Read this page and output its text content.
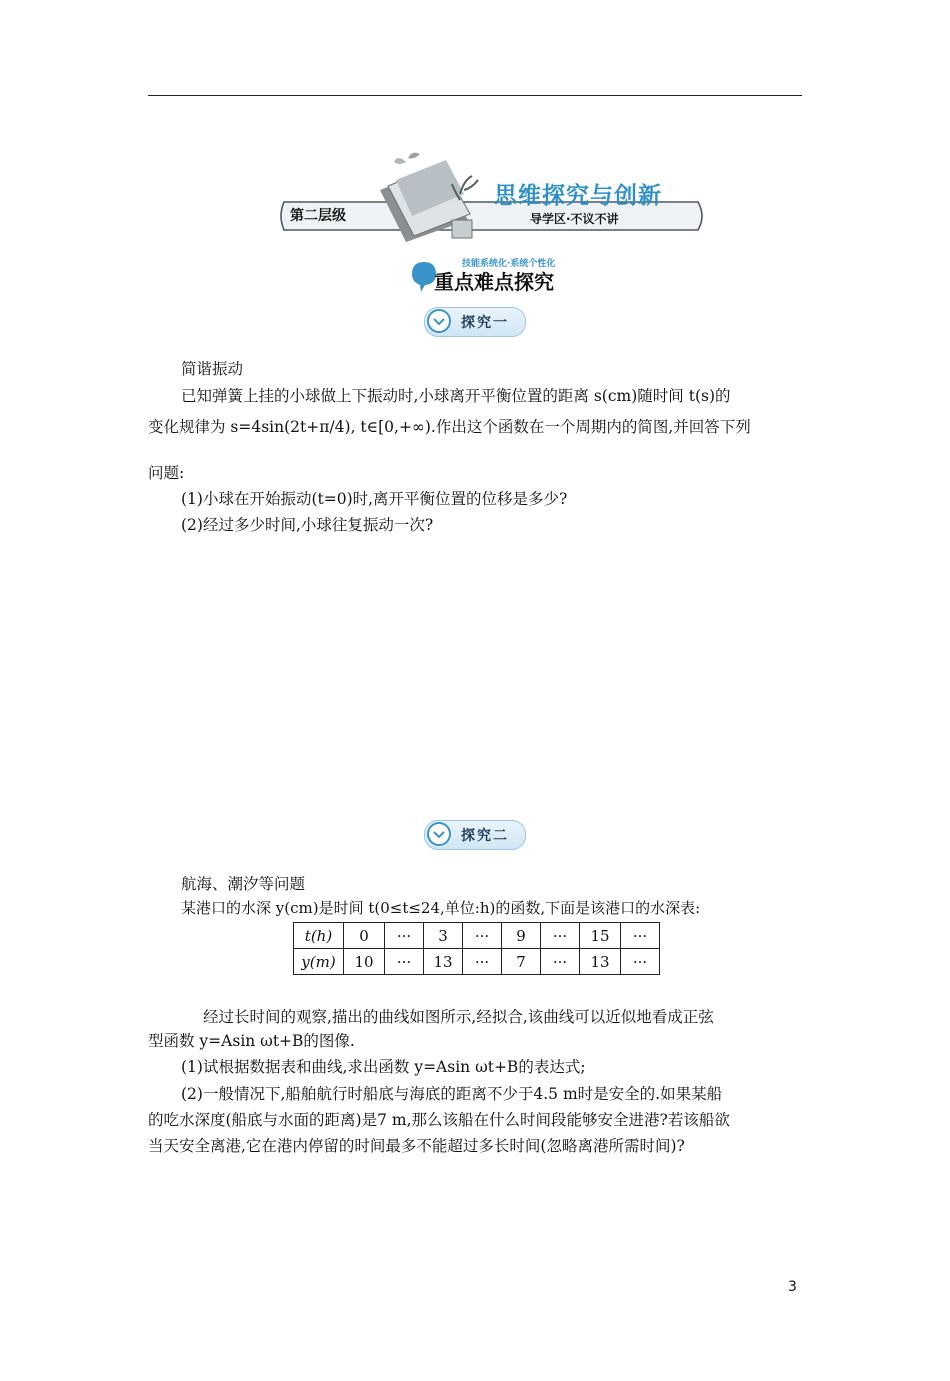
第二层级
思维探究与创新
导学区·不议不讲
技能系统化·系统个性化
重点难点探究
探究一
简谐振动
已知弹簧上挂的小球做上下振动时,小球离开平衡位置的距离 s(cm)随时间 t(s)的
变化规律为 s=4sin(2t+π/4), t∈[0,+∞).作出这个函数在一个周期内的简图,并回答下列
问题:
(1)小球在开始振动(t=0)时,离开平衡位置的位移是多少?
(2)经过多少时间,小球往复振动一次?
探究二
航海、潮汐等问题
某港口的水深 y(cm)是时间 t(0≤t≤24,单位:h)的函数,下面是该港口的水深表:
t(h)	0	···	3	···	9	···	15	···
y(m)	10	···	13	···	7	···	13	···
经过长时间的观察,描出的曲线如图所示,经拟合,该曲线可以近似地看成正弦
型函数 y=Asin ωt+B的图像.
(1)试根据数据表和曲线,求出函数 y=Asin ωt+B的表达式;
(2)一般情况下,船舶航行时船底与海底的距离不少于4.5 m时是安全的.如果某船
的吃水深度(船底与水面的距离)是7 m,那么该船在什么时间段能够安全进港?若该船欲
当天安全离港,它在港内停留的时间最多不能超过多长时间(忽略离港所需时间)?
3
